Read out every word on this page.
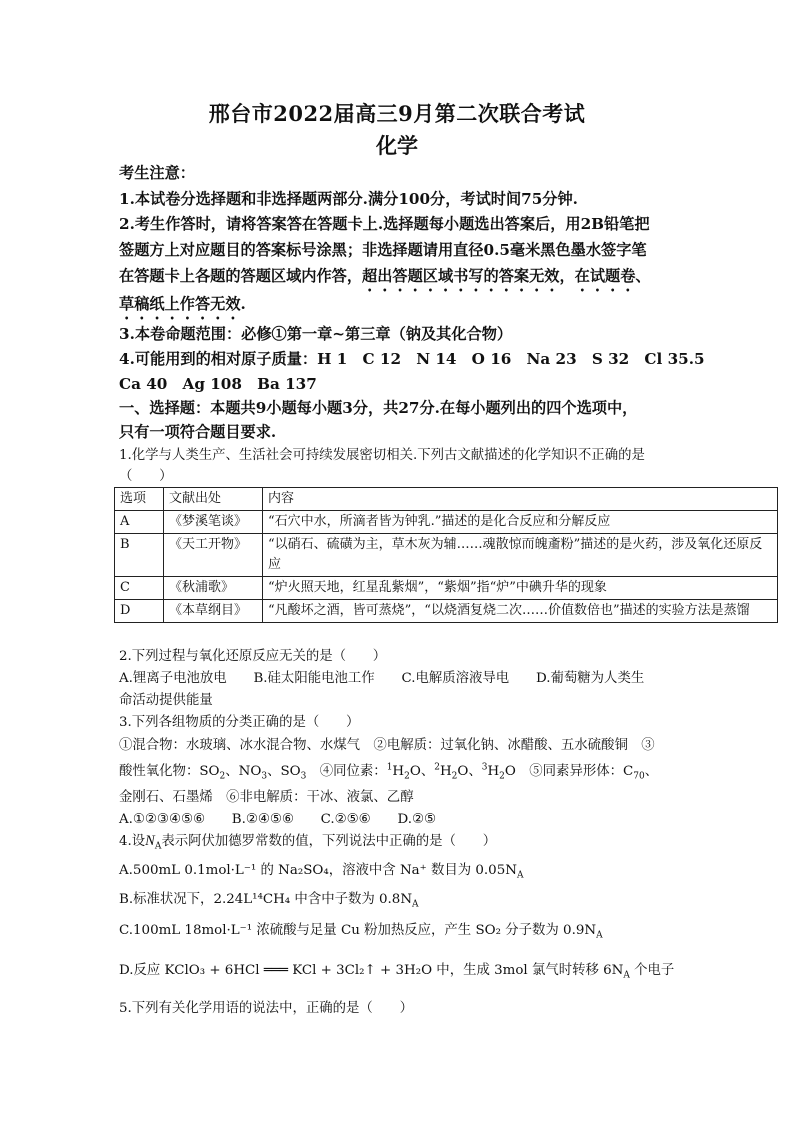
邢台市2022届高三9月第二次联合考试
化学
考生注意：
1.本试卷分选择题和非选择题两部分.满分100分，考试时间75分钟.
2.考生作答时，请将答案答在答题卡上.选择题每小题选出答案后，用2B铅笔把
签题方上对应题目的答案标号涂黑；非选择题请用直径0.5毫米黑色墨水签字笔
在答题卡上各题的答题区域内作答，超出答题区域书写的答案无效，在试题卷、
草稿纸上作答无效.
3.本卷命题范围：必修①第一章~第三章（钠及其化合物）
4.可能用到的相对原子质量：H 1　C 12　N 14　O 16　Na 23　S 32　Cl 35.5
Ca 40　Ag 108　Ba 137
一、选择题：本题共9小题每小题3分，共27分.在每小题列出的四个选项中，
只有一项符合题目要求.
1.化学与人类生产、生活社会可持续发展密切相关.下列古文献描述的化学知识不正确的是
（　　）
选项	文献出处	内容
A	《梦溪笔谈》	“石穴中水，所滴者皆为钟乳.”描述的是化合反应和分解反应
B	《天工开物》	“以硝石、硫磺为主，草木灰为辅……魂散惊而魄齑粉”描述的是火药，涉及氧化还原反应
C	《秋浦歌》	“炉火照天地，红星乱紫烟”，“紫烟”指“炉”中碘升华的现象
D	《本草纲目》	“凡酸坏之酒，皆可蒸烧”，“以烧酒复烧二次……价值数倍也”描述的实验方法是蒸馏
2.下列过程与氧化还原反应无关的是（　　）
A.锂离子电池放电　　B.硅太阳能电池工作　　C.电解质溶液导电　　D.葡萄糖为人类生
命活动提供能量
3.下列各组物质的分类正确的是（　　）
①混合物：水玻璃、冰水混合物、水煤气　②电解质：过氧化钠、冰醋酸、五水硫酸铜　③
酸性氧化物：$SO_2$、$NO_3$、$SO_3$　④同位素：$^1H_2O$、$^2H_2O$、$^3H_2O$　⑤同素异形体：$C_{70}$、
金刚石、石墨烯　⑥非电解质：干冰、液氯、乙醇
A.①②③④⑤⑥　　B.②④⑤⑥　　C.②⑤⑥　　D.②⑤
4.设$N_A$表示阿伏加德罗常数的值，下列说法中正确的是（　　）
A.500mL 0.1mol·L⁻¹ 的 Na₂SO₄，溶液中含 Na⁺ 数目为 $0.05N_A$
B.标准状况下，2.24L¹⁴CH₄ 中含中子数为 $0.8N_A$
C.100mL 18mol·L⁻¹ 浓硫酸与足量 Cu 粉加热反应，产生 SO₂ 分子数为 $0.9N_A$
D.反应 KClO₃ + 6HCl ═══ KCl + 3Cl₂↑ + 3H₂O 中，生成 3mol 氯气时转移 $6N_A$ 个电子
5.下列有关化学用语的说法中，正确的是（　　）
